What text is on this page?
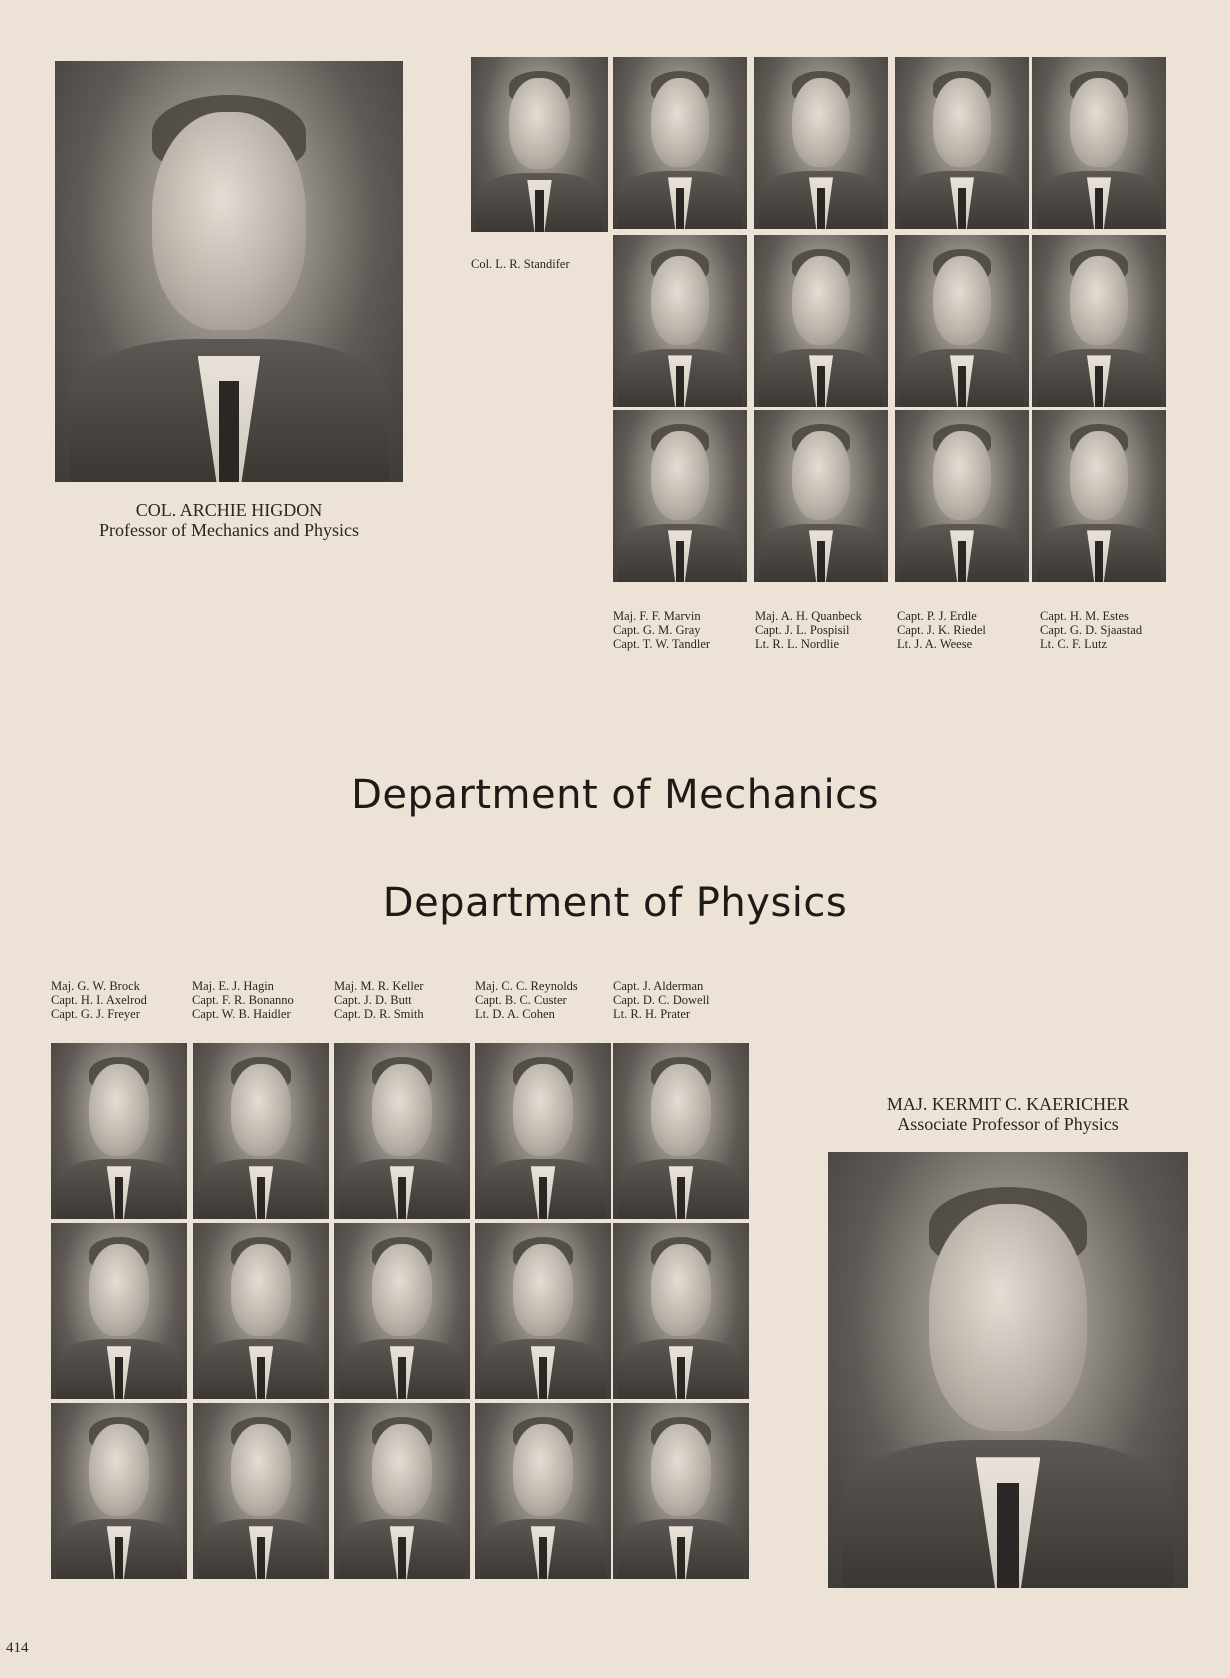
COL. ARCHIE HIGDON
Professor of Mechanics and Physics
Col. L. R. Standifer
Department of Mechanics
Department of Physics
MAJ. KERMIT C. KAERICHER
Associate Professor of Physics
414
Maj. F. F. Marvin
Capt. G. M. Gray
Capt. T. W. Tandler
Maj. A. H. Quanbeck
Capt. J. L. Pospisil
Lt. R. L. Nordlie
Capt. P. J. Erdle
Capt. J. K. Riedel
Lt. J. A. Weese
Capt. H. M. Estes
Capt. G. D. Sjaastad
Lt. C. F. Lutz
Maj. G. W. Brock
Capt. H. I. Axelrod
Capt. G. J. Freyer
Maj. E. J. Hagin
Capt. F. R. Bonanno
Capt. W. B. Haidler
Maj. M. R. Keller
Capt. J. D. Butt
Capt. D. R. Smith
Maj. C. C. Reynolds
Capt. B. C. Custer
Lt. D. A. Cohen
Capt. J. Alderman
Capt. D. C. Dowell
Lt. R. H. Prater
